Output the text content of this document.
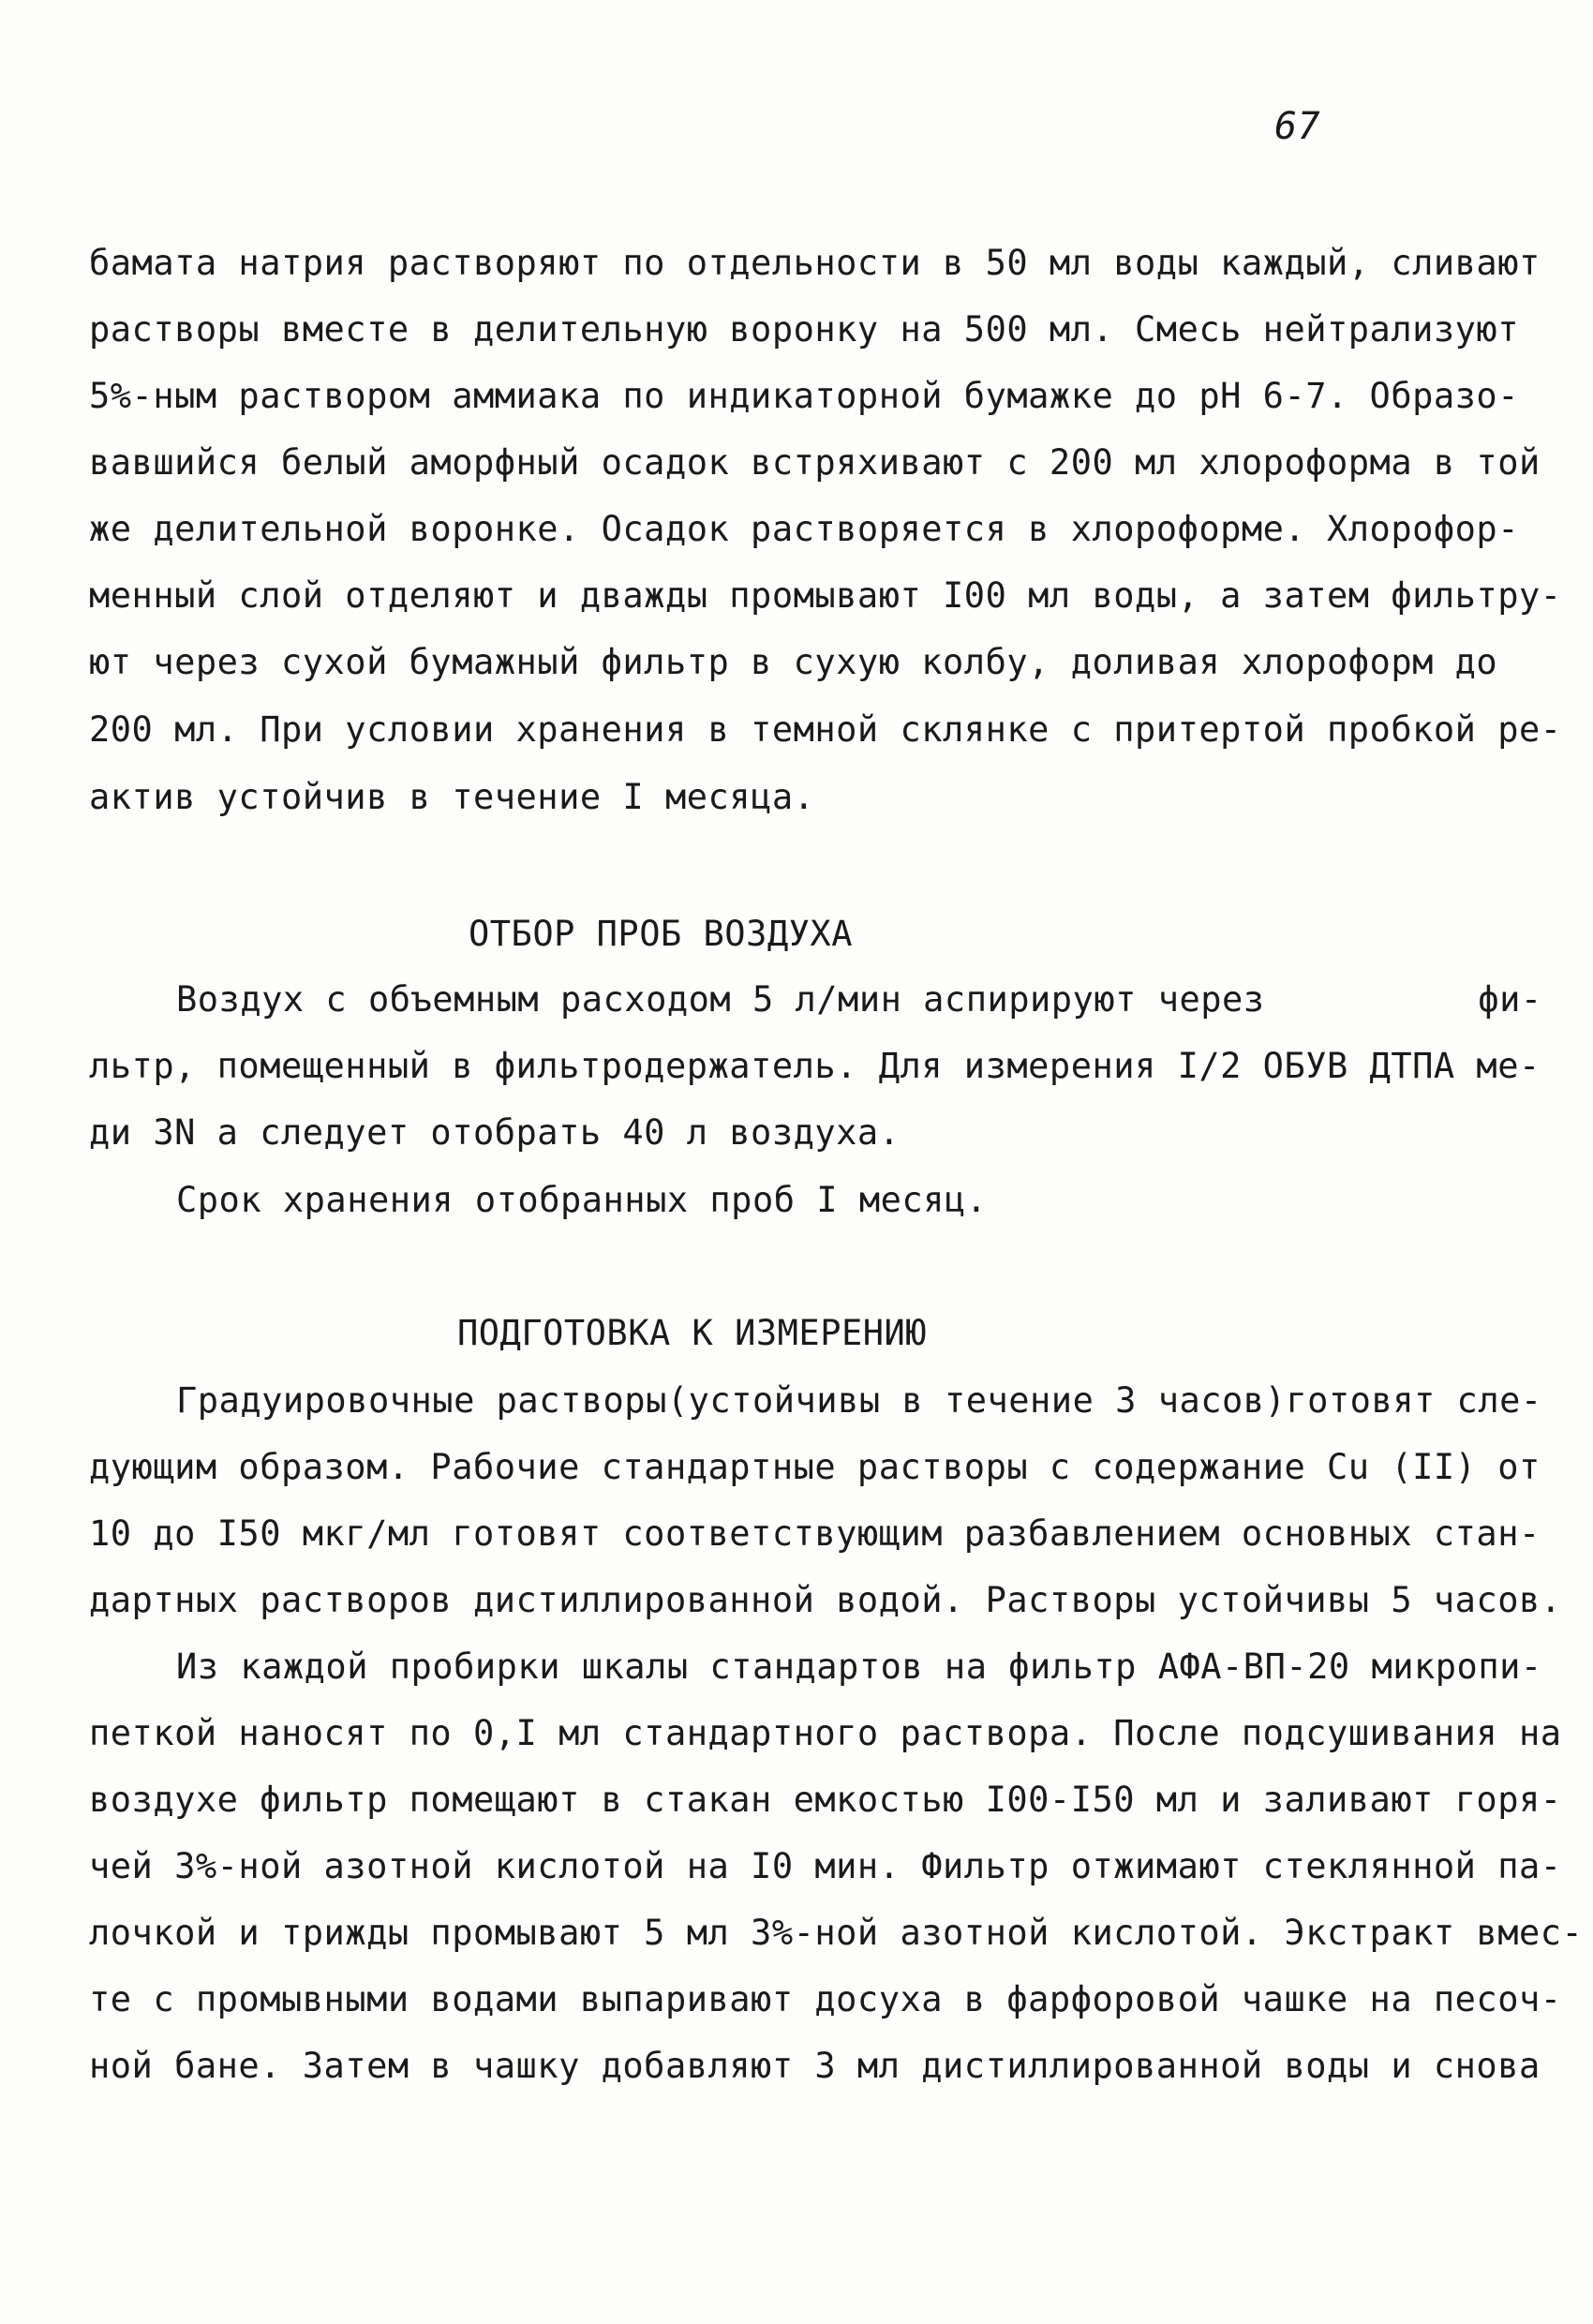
67
бамата натрия растворяют по отдельности в 50 мл воды каждый, сливают
растворы вместе в делительную воронку на 500 мл. Смесь нейтрализуют
5%-ным раствором аммиака по индикаторной бумажке до pH 6-7. Образо-
вавшийся белый аморфный осадок встряхивают с 200 мл хлороформа в той
же делительной воронке. Осадок растворяется в хлороформе. Хлорофор-
менный слой отделяют и дважды промывают I00 мл воды, а затем фильтру-
ют через сухой бумажный фильтр в сухую колбу, доливая хлороформ до
200 мл. При условии хранения в темной склянке с притертой пробкой ре-
актив устойчив в течение I месяца.
ОТБОР ПРОБ ВОЗДУХА
Воздух с объемным расходом 5 л/мин аспирируют через          фи-
льтр, помещенный в фильтродержатель. Для измерения I/2 ОБУВ ДТПА ме-
ди 3N а следует отобрать 40 л воздуха.
Срок хранения отобранных проб I месяц.
ПОДГОТОВКА К ИЗМЕРЕНИЮ
Градуировочные растворы(устойчивы в течение 3 часов)готовят сле-
дующим образом. Рабочие стандартные растворы с содержание Cu (II) от
10 до I50 мкг/мл готовят соответствующим разбавлением основных стан-
дартных растворов дистиллированной водой. Растворы устойчивы 5 часов.
Из каждой пробирки шкалы стандартов на фильтр АФА-ВП-20 микропи-
петкой наносят по 0,I мл стандартного раствора. После подсушивания на
воздухе фильтр помещают в стакан емкостью I00-I50 мл и заливают горя-
чей 3%-ной азотной кислотой на I0 мин. Фильтр отжимают стеклянной па-
лочкой и трижды промывают 5 мл 3%-ной азотной кислотой. Экстракт вмес-
те с промывными водами выпаривают досуха в фарфоровой чашке на песоч-
ной бане. Затем в чашку добавляют 3 мл дистиллированной воды и снова
